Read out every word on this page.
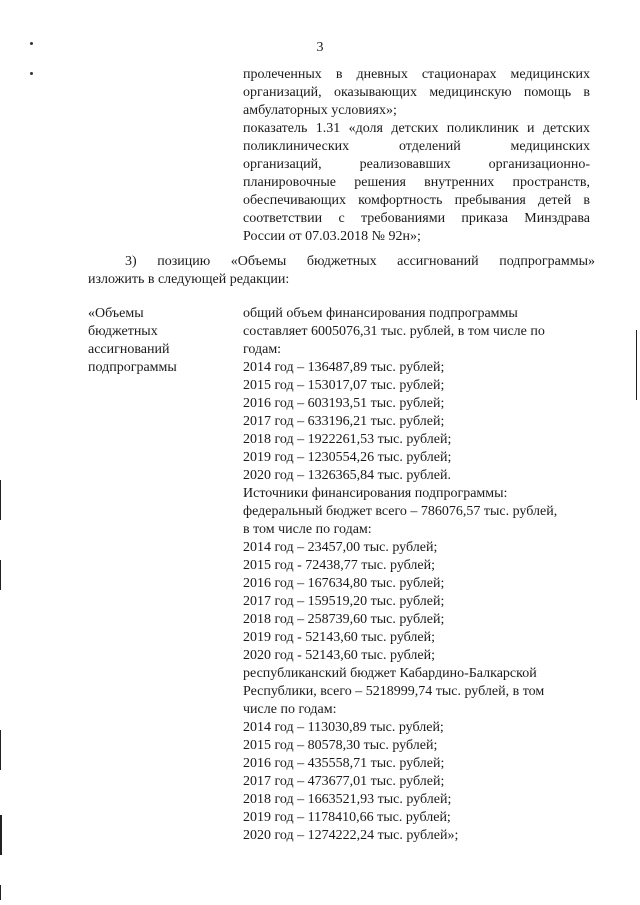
3
пролеченных в дневных стационарах медицинских
организаций, оказывающих медицинскую помощь в
амбулаторных условиях»;
показатель 1.31 «доля детских поликлиник и детских
поликлинических отделений медицинских
организаций, реализовавших организационно-
планировочные решения внутренних пространств,
обеспечивающих комфортность пребывания детей в
соответствии с требованиями приказа Минздрава
России от 07.03.2018 № 92н»;
3) позицию «Объемы бюджетных ассигнований подпрограммы»
изложить в следующей редакции:
«Объемы
бюджетных
ассигнований
подпрограммы
общий объем финансирования подпрограммы
составляет 6005076,31 тыс. рублей, в том числе по
годам:
2014 год – 136487,89 тыс. рублей;
2015 год – 153017,07 тыс. рублей;
2016 год – 603193,51 тыс. рублей;
2017 год – 633196,21 тыс. рублей;
2018 год – 1922261,53 тыс. рублей;
2019 год – 1230554,26 тыс. рублей;
2020 год – 1326365,84 тыс. рублей.
Источники финансирования подпрограммы:
федеральный бюджет всего – 786076,57 тыс. рублей,
в том числе по годам:
2014 год – 23457,00 тыс. рублей;
2015 год - 72438,77 тыс. рублей;
2016 год – 167634,80 тыс. рублей;
2017 год – 159519,20 тыс. рублей;
2018 год – 258739,60 тыс. рублей;
2019 год - 52143,60 тыс. рублей;
2020 год - 52143,60 тыс. рублей;
республиканский бюджет Кабардино-Балкарской
Республики, всего – 5218999,74 тыс. рублей, в том
числе по годам:
2014 год – 113030,89 тыс. рублей;
2015 год – 80578,30 тыс. рублей;
2016 год – 435558,71 тыс. рублей;
2017 год – 473677,01 тыс. рублей;
2018 год – 1663521,93 тыс. рублей;
2019 год – 1178410,66 тыс. рублей;
2020 год – 1274222,24 тыс. рублей»;
